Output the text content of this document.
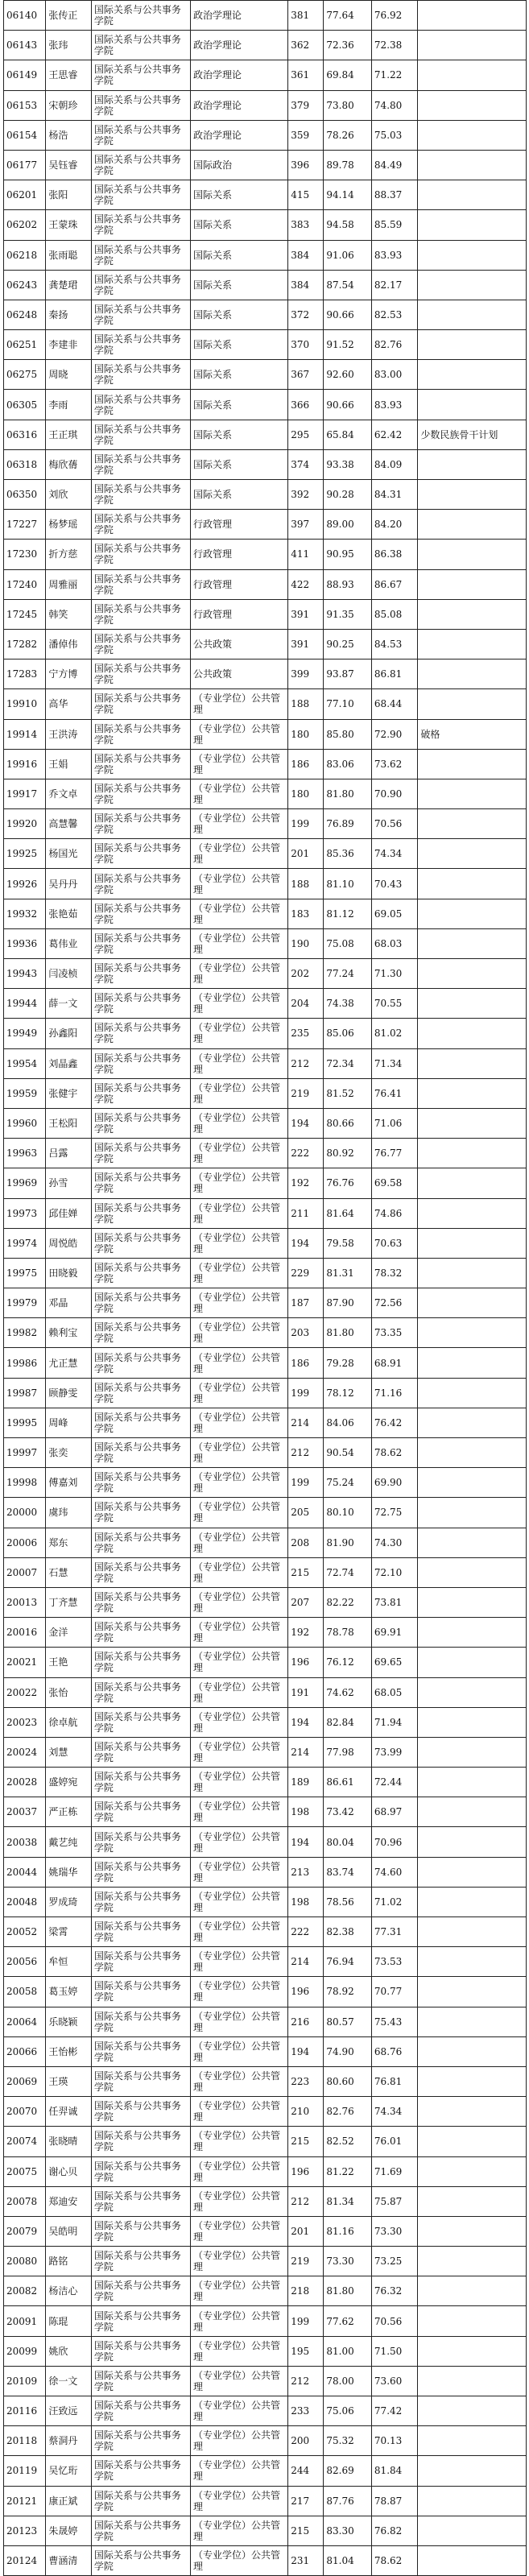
06140	张传正	国际关系与公共事务学院	政治学理论	381	77.64	76.92	
06143	张玮	国际关系与公共事务学院	政治学理论	362	72.36	72.38	
06149	王思睿	国际关系与公共事务学院	政治学理论	361	69.84	71.22	
06153	宋朝珍	国际关系与公共事务学院	政治学理论	379	73.80	74.80	
06154	杨浩	国际关系与公共事务学院	政治学理论	359	78.26	75.03	
06177	吴钰睿	国际关系与公共事务学院	国际政治	396	89.78	84.49	
06201	张阳	国际关系与公共事务学院	国际关系	415	94.14	88.37	
06202	王蒙珠	国际关系与公共事务学院	国际关系	383	94.58	85.59	
06218	张雨聪	国际关系与公共事务学院	国际关系	384	91.06	83.93	
06243	龚楚珺	国际关系与公共事务学院	国际关系	384	87.54	82.17	
06248	秦扬	国际关系与公共事务学院	国际关系	372	90.66	82.53	
06251	李建非	国际关系与公共事务学院	国际关系	370	91.52	82.76	
06275	周晓	国际关系与公共事务学院	国际关系	367	92.60	83.00	
06305	李雨	国际关系与公共事务学院	国际关系	366	90.66	83.93	
06316	王正琪	国际关系与公共事务学院	国际关系	295	65.84	62.42	少数民族骨干计划
06318	梅欣蒨	国际关系与公共事务学院	国际关系	374	93.38	84.09	
06350	刘欣	国际关系与公共事务学院	国际关系	392	90.28	84.31	
17227	杨梦瑶	国际关系与公共事务学院	行政管理	397	89.00	84.20	
17230	折方慈	国际关系与公共事务学院	行政管理	411	90.95	86.38	
17240	周雅丽	国际关系与公共事务学院	行政管理	422	88.93	86.67	
17245	韩笑	国际关系与公共事务学院	行政管理	391	91.35	85.08	
17282	潘倬伟	国际关系与公共事务学院	公共政策	391	90.25	84.53	
17283	宁方博	国际关系与公共事务学院	公共政策	399	93.87	86.81	
19910	高华	国际关系与公共事务学院	（专业学位）公共管理	188	77.10	68.44	
19914	王洪涛	国际关系与公共事务学院	（专业学位）公共管理	180	85.80	72.90	破格
19916	王娟	国际关系与公共事务学院	（专业学位）公共管理	186	83.06	73.62	
19917	乔文卓	国际关系与公共事务学院	（专业学位）公共管理	180	81.80	70.90	
19920	高慧馨	国际关系与公共事务学院	（专业学位）公共管理	199	76.89	70.56	
19925	杨国光	国际关系与公共事务学院	（专业学位）公共管理	201	85.36	74.34	
19926	吴丹丹	国际关系与公共事务学院	（专业学位）公共管理	188	81.10	70.43	
19932	张艳茹	国际关系与公共事务学院	（专业学位）公共管理	183	81.12	69.05	
19936	葛伟业	国际关系与公共事务学院	（专业学位）公共管理	190	75.08	68.03	
19943	闫凌桢	国际关系与公共事务学院	（专业学位）公共管理	202	77.24	71.30	
19944	薛一文	国际关系与公共事务学院	（专业学位）公共管理	204	74.38	70.55	
19949	孙鑫阳	国际关系与公共事务学院	（专业学位）公共管理	235	85.06	81.02	
19954	刘晶鑫	国际关系与公共事务学院	（专业学位）公共管理	212	72.34	71.34	
19959	张健宇	国际关系与公共事务学院	（专业学位）公共管理	219	81.52	76.41	
19960	王松阳	国际关系与公共事务学院	（专业学位）公共管理	194	80.66	71.06	
19963	吕露	国际关系与公共事务学院	（专业学位）公共管理	222	80.92	76.77	
19969	孙雪	国际关系与公共事务学院	（专业学位）公共管理	192	76.76	69.58	
19973	邱佳婵	国际关系与公共事务学院	（专业学位）公共管理	211	81.64	74.86	
19974	周悦皓	国际关系与公共事务学院	（专业学位）公共管理	194	79.58	70.63	
19975	田晓毅	国际关系与公共事务学院	（专业学位）公共管理	229	81.31	78.32	
19979	邓晶	国际关系与公共事务学院	（专业学位）公共管理	187	87.90	72.56	
19982	赖利宝	国际关系与公共事务学院	（专业学位）公共管理	203	81.80	73.35	
19986	尤正慧	国际关系与公共事务学院	（专业学位）公共管理	186	79.28	68.91	
19987	顾静雯	国际关系与公共事务学院	（专业学位）公共管理	199	78.12	71.16	
19995	周峰	国际关系与公共事务学院	（专业学位）公共管理	214	84.06	76.42	
19997	张奕	国际关系与公共事务学院	（专业学位）公共管理	212	90.54	78.62	
19998	傅嘉刘	国际关系与公共事务学院	（专业学位）公共管理	199	75.24	69.90	
20000	虞玮	国际关系与公共事务学院	（专业学位）公共管理	205	80.10	72.75	
20006	郑东	国际关系与公共事务学院	（专业学位）公共管理	208	81.90	74.30	
20007	石慧	国际关系与公共事务学院	（专业学位）公共管理	215	72.74	72.10	
20013	丁齐慧	国际关系与公共事务学院	（专业学位）公共管理	207	82.22	73.81	
20016	金洋	国际关系与公共事务学院	（专业学位）公共管理	192	78.78	69.91	
20021	王艳	国际关系与公共事务学院	（专业学位）公共管理	196	76.12	69.65	
20022	张怡	国际关系与公共事务学院	（专业学位）公共管理	191	74.62	68.05	
20023	徐卓航	国际关系与公共事务学院	（专业学位）公共管理	194	82.84	71.94	
20024	刘慧	国际关系与公共事务学院	（专业学位）公共管理	214	77.98	73.99	
20028	盛婷宛	国际关系与公共事务学院	（专业学位）公共管理	189	86.61	72.44	
20037	严正栋	国际关系与公共事务学院	（专业学位）公共管理	198	73.42	68.97	
20038	戴艺纯	国际关系与公共事务学院	（专业学位）公共管理	194	80.04	70.96	
20044	姚瑞华	国际关系与公共事务学院	（专业学位）公共管理	213	83.74	74.60	
20048	罗成琦	国际关系与公共事务学院	（专业学位）公共管理	198	78.56	71.02	
20052	梁霄	国际关系与公共事务学院	（专业学位）公共管理	222	82.38	77.31	
20056	牟恒	国际关系与公共事务学院	（专业学位）公共管理	214	76.94	73.53	
20058	葛玉婷	国际关系与公共事务学院	（专业学位）公共管理	196	78.92	70.77	
20064	乐晓颖	国际关系与公共事务学院	（专业学位）公共管理	216	80.57	75.43	
20066	王怡彬	国际关系与公共事务学院	（专业学位）公共管理	194	74.90	68.76	
20069	王瑛	国际关系与公共事务学院	（专业学位）公共管理	223	80.60	76.81	
20070	任羿诚	国际关系与公共事务学院	（专业学位）公共管理	210	82.76	74.34	
20074	张晓晴	国际关系与公共事务学院	（专业学位）公共管理	215	82.52	76.01	
20075	谢心贝	国际关系与公共事务学院	（专业学位）公共管理	196	81.22	71.69	
20078	郑迪安	国际关系与公共事务学院	（专业学位）公共管理	212	81.34	75.87	
20079	吴皓明	国际关系与公共事务学院	（专业学位）公共管理	201	81.16	73.30	
20080	路铭	国际关系与公共事务学院	（专业学位）公共管理	219	73.30	73.25	
20082	杨洁心	国际关系与公共事务学院	（专业学位）公共管理	218	81.80	76.32	
20091	陈琨	国际关系与公共事务学院	（专业学位）公共管理	199	77.62	70.56	
20099	姚欣	国际关系与公共事务学院	（专业学位）公共管理	195	81.00	71.50	
20109	徐一文	国际关系与公共事务学院	（专业学位）公共管理	212	78.00	73.60	
20116	汪致远	国际关系与公共事务学院	（专业学位）公共管理	233	75.06	77.42	
20118	蔡洞丹	国际关系与公共事务学院	（专业学位）公共管理	200	75.32	70.13	
20119	吴忆珩	国际关系与公共事务学院	（专业学位）公共管理	244	82.69	81.84	
20121	康正斌	国际关系与公共事务学院	（专业学位）公共管理	217	87.76	78.87	
20123	朱晟婷	国际关系与公共事务学院	（专业学位）公共管理	215	83.30	76.82	
20124	曹涵清	国际关系与公共事务学院	（专业学位）公共管理	231	81.04	78.62	
